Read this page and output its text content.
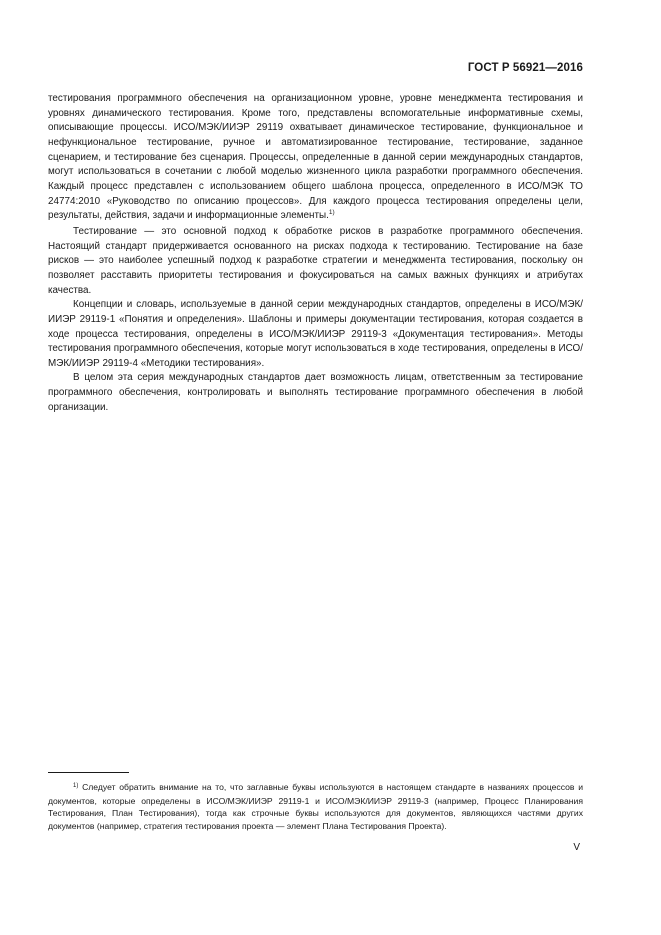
ГОСТ Р 56921—2016

тестирования программного обеспечения на организационном уровне, уровне менеджмента тестирования и уровнях динамического тестирования. Кроме того, представлены вспомогательные информативные схемы, описывающие процессы. ИСО/МЭК/ИИЭР 29119 охватывает динамическое тестирование, функциональное и нефункциональное тестирование, ручное и автоматизированное тестирование, тестирование, заданное сценарием, и тестирование без сценария. Процессы, определенные в данной серии международных стандартов, могут использоваться в сочетании с любой моделью жизненного цикла разработки программного обеспечения. Каждый процесс представлен с использованием общего шаблона процесса, определенного в ИСО/МЭК ТО 24774:2010 «Руководство по описанию процессов». Для каждого процесса тестирования определены цели, результаты, действия, задачи и информационные элементы.$^{1)}$

Тестирование — это основной подход к обработке рисков в разработке программного обеспечения. Настоящий стандарт придерживается основанного на рисках подхода к тестированию. Тестирование на базе рисков — это наиболее успешный подход к разработке стратегии и менеджмента тестирования, поскольку он позволяет расставить приоритеты тестирования и фокусироваться на самых важных функциях и атрибутах качества.

Концепции и словарь, используемые в данной серии международных стандартов, определены в ИСО/МЭК/ИИЭР 29119-1 «Понятия и определения». Шаблоны и примеры документации тестирования, которая создается в ходе процесса тестирования, определены в ИСО/МЭК/ИИЭР 29119-3 «Документация тестирования». Методы тестирования программного обеспечения, которые могут использоваться в ходе тестирования, определены в ИСО/МЭК/ИИЭР 29119-4 «Методики тестирования».

В целом эта серия международных стандартов дает возможность лицам, ответственным за тестирование программного обеспечения, контролировать и выполнять тестирование программного обеспечения в любой организации.

$^{1)}$ Следует обратить внимание на то, что заглавные буквы используются в настоящем стандарте в названиях процессов и документов, которые определены в ИСО/МЭК/ИИЭР 29119-1 и ИСО/МЭК/ИИЭР 29119-3 (например, Процесс Планирования Тестирования, План Тестирования), тогда как строчные буквы используются для документов, являющихся частями других документов (например, стратегия тестирования проекта — элемент Плана Тестирования Проекта).

V
